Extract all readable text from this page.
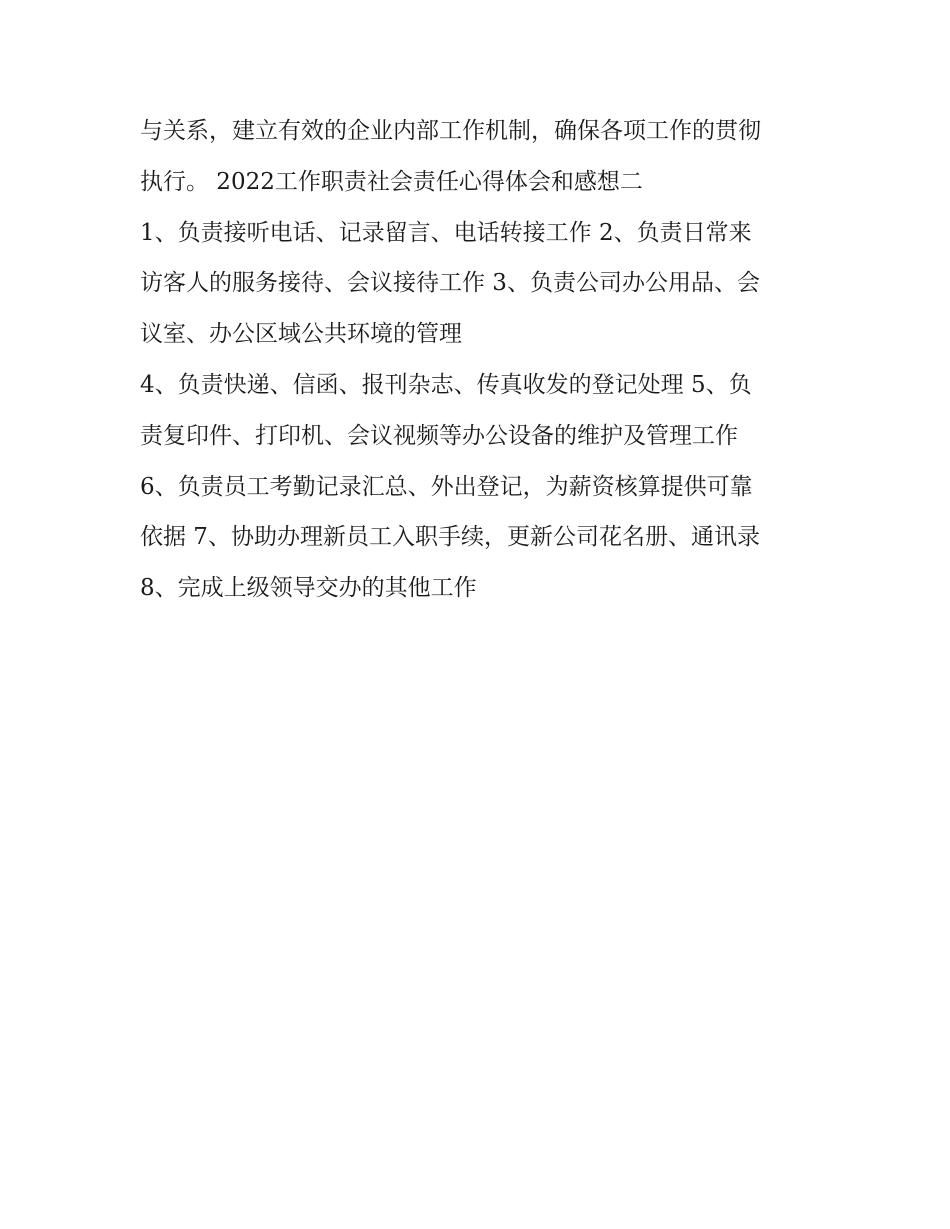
与关系，建立有效的企业内部工作机制，确保各项工作的贯彻

执行。 2022工作职责社会责任心得体会和感想二

1、负责接听电话、记录留言、电话转接工作 2、负责日常来

访客人的服务接待、会议接待工作 3、负责公司办公用品、会

议室、办公区域公共环境的管理

4、负责快递、信函、报刊杂志、传真收发的登记处理 5、负

责复印件、打印机、会议视频等办公设备的维护及管理工作

6、负责员工考勤记录汇总、外出登记，为薪资核算提供可靠

依据 7、协助办理新员工入职手续，更新公司花名册、通讯录

8、完成上级领导交办的其他工作
